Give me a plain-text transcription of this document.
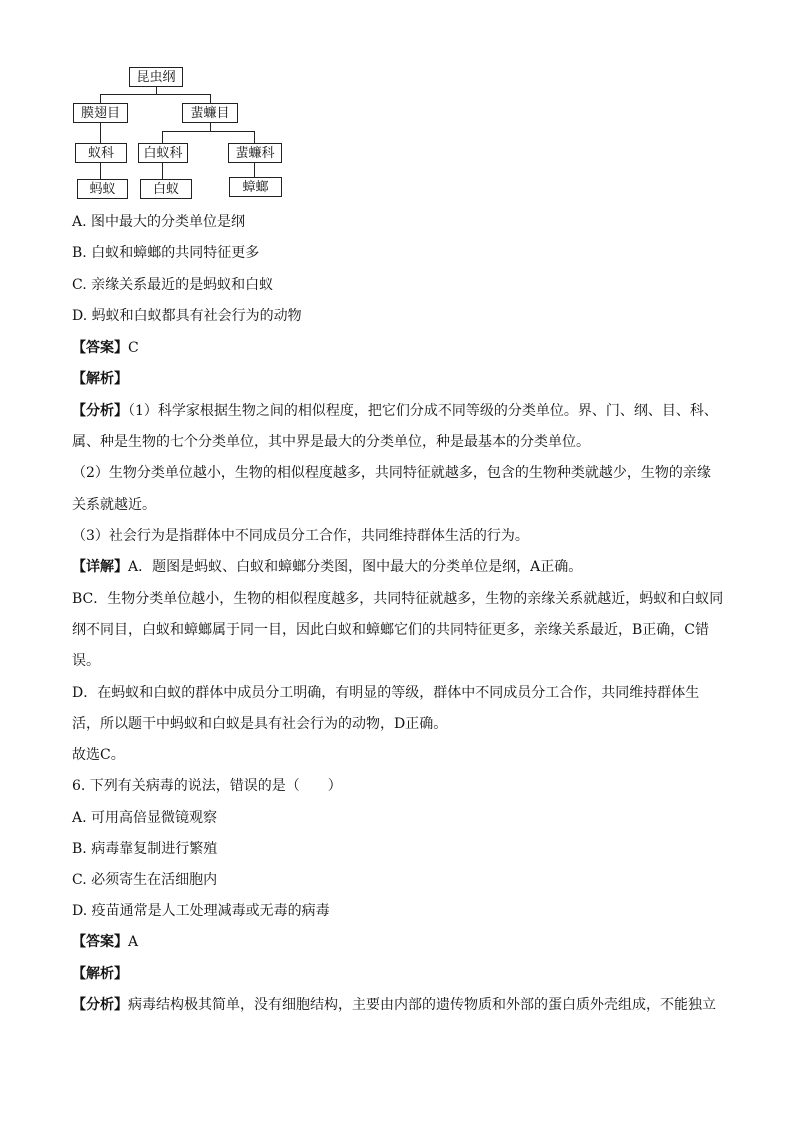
昆虫纲
膜翅目	蜚蠊目
蚁科	白蚁科	蜚蠊科
蚂蚁	白蚁	蟑螂

A. 图中最大的分类单位是纲

B. 白蚁和蟑螂的共同特征更多

C. 亲缘关系最近的是蚂蚁和白蚁

D. 蚂蚁和白蚁都具有社会行为的动物

【答案】C

【解析】

【分析】（1）科学家根据生物之间的相似程度，把它们分成不同等级的分类单位。界、门、纲、目、科、

属、种是生物的七个分类单位，其中界是最大的分类单位，种是最基本的分类单位。

（2）生物分类单位越小，生物的相似程度越多，共同特征就越多，包含的生物种类就越少，生物的亲缘

关系就越近。

（3）社会行为是指群体中不同成员分工合作，共同维持群体生活的行为。

【详解】A．题图是蚂蚁、白蚁和蟑螂分类图，图中最大的分类单位是纲，A正确。

BC．生物分类单位越小，生物的相似程度越多，共同特征就越多，生物的亲缘关系就越近，蚂蚁和白蚁同

纲不同目，白蚁和蟑螂属于同一目，因此白蚁和蟑螂它们的共同特征更多，亲缘关系最近，B正确，C错

误。

D．在蚂蚁和白蚁的群体中成员分工明确，有明显的等级，群体中不同成员分工合作，共同维持群体生

活，所以题干中蚂蚁和白蚁是具有社会行为的动物，D正确。

故选C。

6. 下列有关病毒的说法，错误的是（　　）

A. 可用高倍显微镜观察

B. 病毒靠复制进行繁殖

C. 必须寄生在活细胞内

D. 疫苗通常是人工处理减毒或无毒的病毒

【答案】A

【解析】

【分析】病毒结构极其简单，没有细胞结构，主要由内部的遗传物质和外部的蛋白质外壳组成，不能独立
